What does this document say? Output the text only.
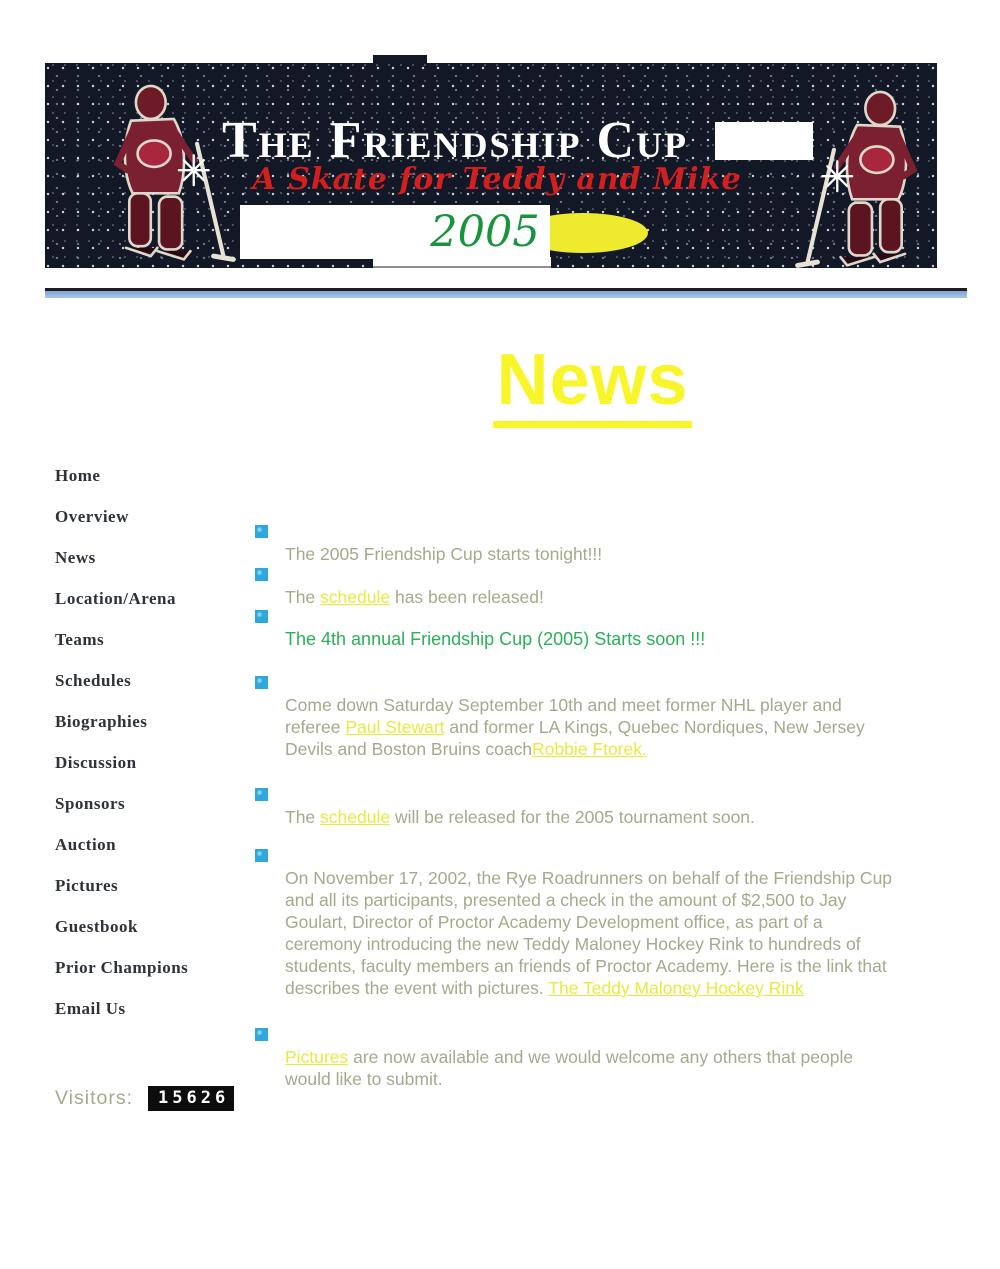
The Friendship Cup
A Skate for Teddy and Mike
2005
News
Home
Overview
News
Location/Arena
Teams
Schedules
Biographies
Discussion
Sponsors
Auction
Pictures
Guestbook
Prior Champions
Email Us
The 2005 Friendship Cup starts tonight!!!
The schedule has been released!
The 4th annual Friendship Cup (2005) Starts soon !!!
Come down Saturday September 10th and meet former NHL player and
referee Paul Stewart and former LA Kings, Quebec Nordiques, New Jersey
Devils and Boston Bruins coachRobbie Ftorek.
The schedule will be released for the 2005 tournament soon.
On November 17, 2002, the Rye Roadrunners on behalf of the Friendship Cup
and all its participants, presented a check in the amount of $2,500 to Jay
Goulart, Director of Proctor Academy Development office, as part of a
ceremony introducing the new Teddy Maloney Hockey Rink to hundreds of
students, faculty members an friends of Proctor Academy. Here is the link that
describes the event with pictures. The Teddy Maloney Hockey Rink
Pictures are now available and we would welcome any others that people
would like to submit.
Visitors:	15626
